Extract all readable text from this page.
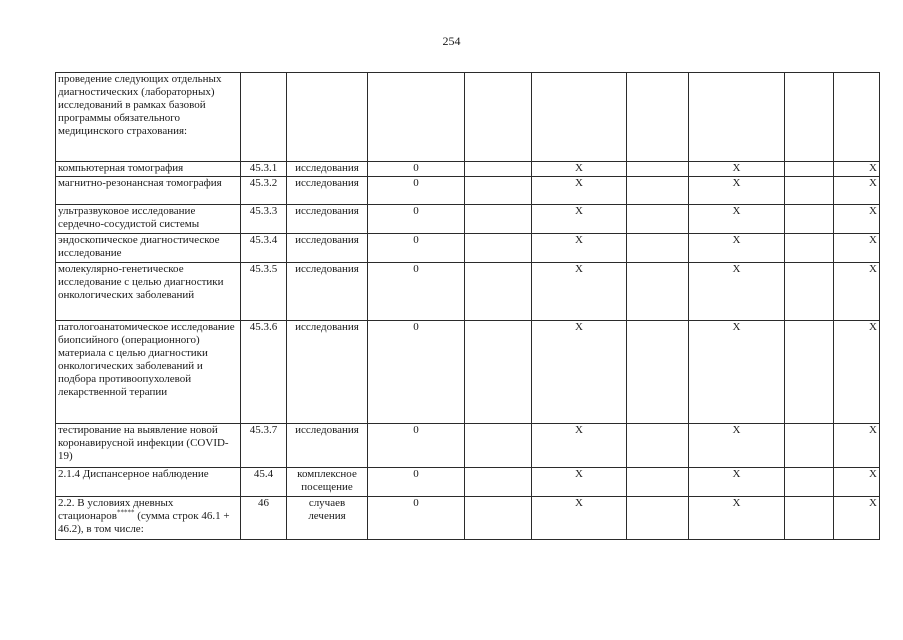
254
проведение следующих отдельных диагностических (лабораторных) исследований в рамках базовой программы обязательного медицинского страхования:									
компьютерная томография	45.3.1	исследования	0		X		X		X
магнитно-резонансная томография	45.3.2	исследования	0		X		X		X
ультразвуковое исследование сердечно-сосудистой системы	45.3.3	исследования	0		X		X		X
эндоскопическое диагностическое исследование	45.3.4	исследования	0		X		X		X
молекулярно-генетическое исследование с целью диагностики онкологических заболеваний	45.3.5	исследования	0		X		X		X
патологоанатомическое исследование биопсийного (операционного) материала с целью диагностики онкологических заболеваний и подбора противоопухолевой лекарственной терапии	45.3.6	исследования	0		X		X		X
тестирование на выявление новой коронавирусной инфекции (COVID-19)	45.3.7	исследования	0		X		X		X
2.1.4 Диспансерное наблюдение	45.4	комплексное посещение	0		X		X		X
2.2. В условиях дневных стационаров***** (сумма строк 46.1 + 46.2), в том числе:	46	случаев лечения	0		X		X		X
